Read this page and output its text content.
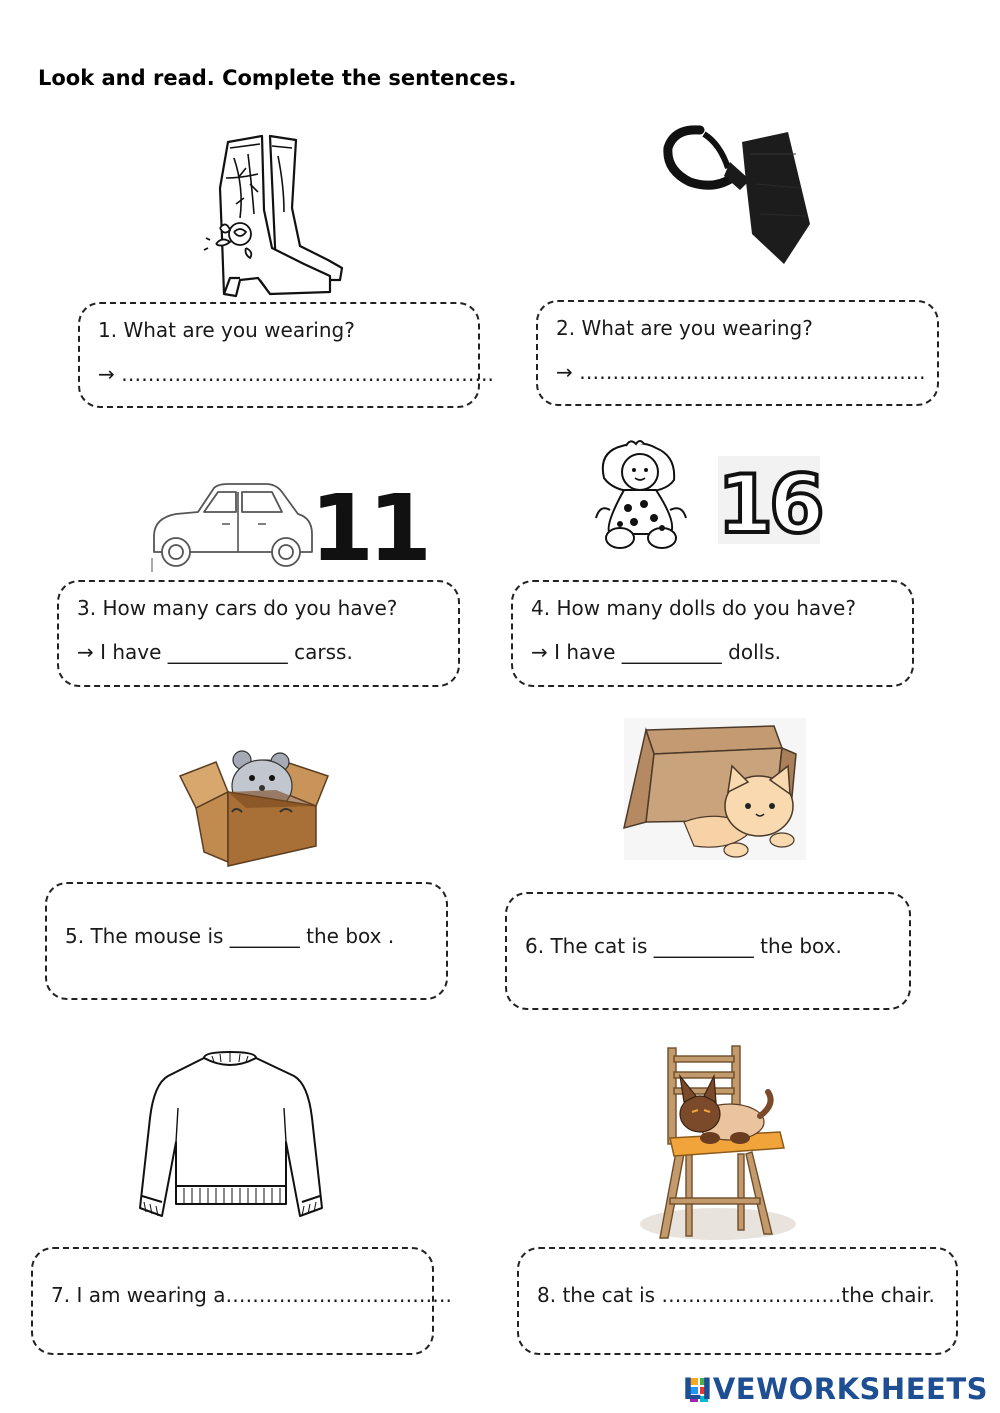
Look and read. Complete the sentences.
11	16
1. What are you wearing?
→ ………………………………………………..
2. What are you wearing?
→ …………………………………………….
3. How many cars do you have?
→ I have ____________ carss.
4. How many dolls do you have?
→ I have __________ dolls.
5. The mouse is _______ the box .	6. The cat is __________ the box.
7. I am wearing a…………………………….	8. the cat is ………………………the chair.
LIVEWORKSHEETS
